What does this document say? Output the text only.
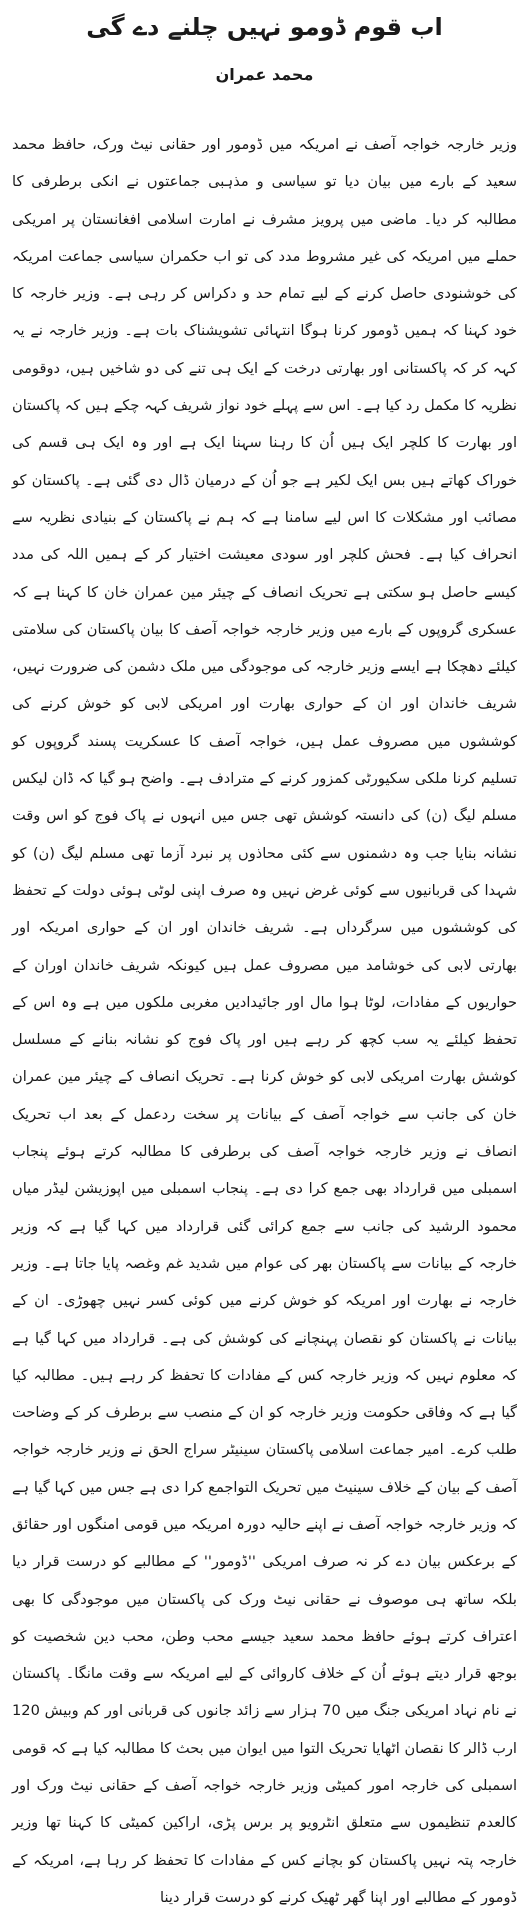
اب قوم ڈومو نہیں چلنے دے گی
محمد عمران

وزیر خارجہ خواجہ آصف نے امریکہ میں ڈومور اور حقانی نیٹ ورک، حافظ محمد سعید کے بارے میں بیان دیا تو سیاسی و مذہبی جماعتوں نے انکی برطرفی کا مطالبہ کر دیا۔ ماضی میں پرویز مشرف نے امارت اسلامی افغانستان پر امریکی حملے میں امریکہ کی غیر مشروط مدد کی تو اب حکمران سیاسی جماعت امریکہ کی خوشنودی حاصل کرنے کے لیے تمام حد و دکراس کر رہی ہے۔ وزیر خارجہ کا خود کہنا کہ ہمیں ڈومور کرنا ہوگا انتہائی تشویشناک بات ہے۔ وزیر خارجہ نے یہ کہہ کر کہ پاکستانی اور بھارتی درخت کے ایک ہی تنے کی دو شاخیں ہیں، دوقومی نظریہ کا مکمل رد کیا ہے۔ اس سے پہلے خود نواز شریف کہہ چکے ہیں کہ پاکستان اور بھارت کا کلچر ایک ہیں اُن کا رہنا سہنا ایک ہے اور وہ ایک ہی قسم کی خوراک کھاتے ہیں بس ایک لکیر ہے جو اُن کے درمیان ڈال دی گئی ہے۔ پاکستان کو مصائب اور مشکلات کا اس لیے سامنا ہے کہ ہم نے پاکستان کے بنیادی نظریہ سے انحراف کیا ہے۔ فحش کلچر اور سودی معیشت اختیار کر کے ہمیں اللہ کی مدد کیسے حاصل ہو سکتی ہے تحریک انصاف کے چیئر مین عمران خان کا کہنا ہے کہ عسکری گروپوں کے بارے میں وزیر خارجہ خواجہ آصف کا بیان پاکستان کی سلامتی کیلئے دھچکا ہے ایسے وزیر خارجہ کی موجودگی میں ملک دشمن کی ضرورت نہیں، شریف خاندان اور ان کے حواری بھارت اور امریکی لابی کو خوش کرنے کی کوششوں میں مصروف عمل ہیں، خواجہ آصف کا عسکریت پسند گروپوں کو تسلیم کرنا ملکی سکیورٹی کمزور کرنے کے مترادف ہے۔ واضح ہو گیا کہ ڈان لیکس مسلم لیگ (ن) کی دانستہ کوشش تھی جس میں انہوں نے پاک فوج کو اس وقت نشانہ بنایا جب وہ دشمنوں سے کئی محاذوں پر نبرد آزما تھی مسلم لیگ (ن) کو شہدا کی قربانیوں سے کوئی غرض نہیں وہ صرف اپنی لوٹی ہوئی دولت کے تحفظ کی کوششوں میں سرگرداں ہے۔ شریف خاندان اور ان کے حواری امریکہ اور بھارتی لابی کی خوشامد میں مصروف عمل ہیں کیونکہ شریف خاندان اوران کے حواریوں کے مفادات، لوٹا ہوا مال اور جائیدادیں مغربی ملکوں میں ہے وہ اس کے تحفظ کیلئے یہ سب کچھ کر رہے ہیں اور پاک فوج کو نشانہ بنانے کے مسلسل کوشش بھارت امریکی لابی کو خوش کرنا ہے۔ تحریک انصاف کے چیئر مین عمران خان کی جانب سے خواجہ آصف کے بیانات پر سخت ردعمل کے بعد اب تحریک انصاف نے وزیر خارجہ خواجہ آصف کی برطرفی کا مطالبہ کرتے ہوئے پنجاب اسمبلی میں قرارداد بھی جمع کرا دی ہے۔ پنجاب اسمبلی میں اپوزیشن لیڈر میاں محمود الرشید کی جانب سے جمع کرائی گئی قرارداد میں کہا گیا ہے کہ وزیر خارجہ کے بیانات سے پاکستان بھر کی عوام میں شدید غم وغصہ پایا جاتا ہے۔ وزیر خارجہ نے بھارت اور امریکہ کو خوش کرنے میں کوئی کسر نہیں چھوڑی۔ ان کے بیانات نے پاکستان کو نقصان پہنچانے کی کوشش کی ہے۔ قرارداد میں کہا گیا ہے کہ معلوم نہیں کہ وزیر خارجہ کس کے مفادات کا تحفظ کر رہے ہیں۔ مطالبہ کیا گیا ہے کہ وفاقی حکومت وزیر خارجہ کو ان کے منصب سے برطرف کر کے وضاحت طلب کرے۔ امیر جماعت اسلامی پاکستان سینیٹر سراج الحق نے وزیر خارجہ خواجہ آصف کے بیان کے خلاف سینیٹ میں تحریک التواجمع کرا دی ہے جس میں کہا گیا ہے کہ وزیر خارجہ خواجہ آصف نے اپنے حالیہ دورہ امریکہ میں قومی امنگوں اور حقائق کے برعکس بیان دے کر نہ صرف امریکی ''ڈومور'' کے مطالبے کو درست قرار دیا بلکہ ساتھ ہی موصوف نے حقانی نیٹ ورک کی پاکستان میں موجودگی کا بھی اعتراف کرتے ہوئے حافظ محمد سعید جیسے محب وطن، محب دین شخصیت کو بوجھ قرار دیتے ہوئے اُن کے خلاف کاروائی کے لیے امریکہ سے وقت مانگا۔ پاکستان نے نام نہاد امریکی جنگ میں 70 ہزار سے زائد جانوں کی قربانی اور کم وبیش 120 ارب ڈالر کا نقصان اٹھایا تحریک التوا میں ایوان میں بحث کا مطالبہ کیا ہے کہ قومی اسمبلی کی خارجہ امور کمیٹی وزیر خارجہ خواجہ آصف کے حقانی نیٹ ورک اور کالعدم تنظیموں سے متعلق انٹرویو پر برس پڑی، اراکین کمیٹی کا کہنا تھا وزیر خارجہ پتہ نہیں پاکستان کو بچانے کس کے مفادات کا تحفظ کر رہا ہے، امریکہ کے ڈومور کے مطالبے اور اپنا گھر ٹھیک کرنے کو درست قرار دینا
